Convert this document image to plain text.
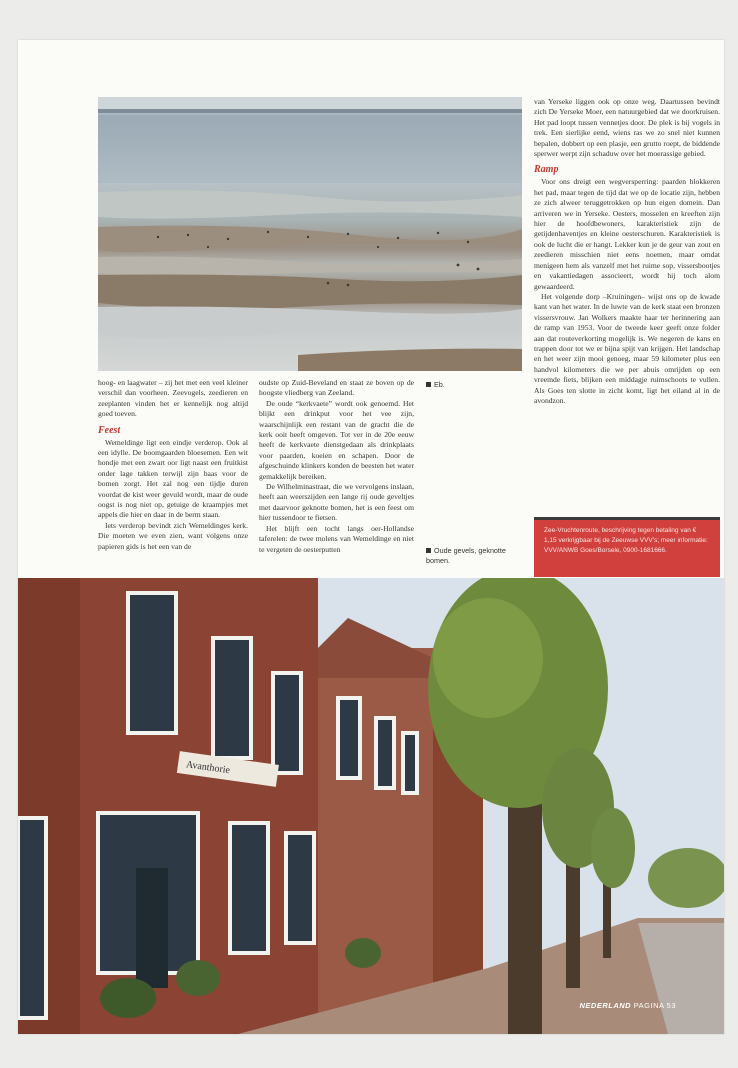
van Yerseke liggen ook op onze weg. Daartussen bevindt zich De Yerseke Moer, een natuurgebied dat we doorkruisen. Het pad loopt tussen vennetjes door. De plek is bij vogels in trek. Een sierlijke eend, wiens ras we zo snel niet kunnen bepalen, dobbert op een plasje, een grutto roept, de biddende sperwer werpt zijn schaduw over het moerassige gebied.

Ramp

Voor ons dreigt een wegversperring: paarden blokkeren het pad, maar tegen de tijd dat we op de locatie zijn, hebben ze zich alweer teruggetrokken op hun eigen domein. Dan arriveren we in Yerseke. Oesters, mosselen en kreeften zijn hier de hoofdbewoners, karakteristiek zijn de getijdenhaventjes en kleine oesterschuren. Karakteristiek is ook de lucht die er hangt. Lekker kun je de geur van zout en zeedieren misschien niet eens noemen, maar omdat menigeen hem als vanzelf met het ruime sop, vissersbootjes en vakantiedagen associeert, wordt hij toch alom gewaardeerd.

Het volgende dorp –Kruiningen– wijst ons op de kwade kant van het water. In de luwte van de kerk staat een bronzen vissersvrouw. Jan Wolkers maakte haar ter herinnering aan de ramp van 1953. Voor de tweede keer geeft onze folder aan dat routeverkorting mogelijk is. We negeren de kans en trappen door tot we er bijna spijt van krijgen. Het landschap en het weer zijn mooi genoeg, maar 59 kilometer plus een handvol kilometers die we per abuis omrijden op een vreemde fiets, blijken een middagje ruimschoots te vullen. Als Goes ten slotte in zicht komt, ligt het eiland al in de avondzon.

hoog- en laagwater – zij het met een veel kleiner verschil dan voorheen. Zeevogels, zeedieren en zeeplanten vinden het er kennelijk nog altijd goed toeven.

Feest

Wemeldinge ligt een eindje verderop. Ook al een idylle. De boomgaarden bloesemen. Een wit hondje met een zwart oor ligt naast een fruitkist onder lage takken terwijl zijn baas voor de bomen zorgt. Het zal nog een tijdje duren voordat de kist weer gevuld wordt, maar de oude oogst is nog niet op, getuige de kraampjes met appels die hier en daar in de berm staan.

Iets verderop bevindt zich Wemeldinges kerk. Die moeten we even zien, want volgens onze papieren gids is het een van de

oudste op Zuid-Beveland en staat ze boven op de hoogste vliedberg van Zeeland.

De oude “kerkvaete” wordt ook genoemd. Het blijkt een drinkput voor het vee zijn, waarschijnlijk een restant van de gracht die de kerk ooit heeft omgeven. Tot ver in de 20e eeuw heeft de kerkvaete dienstgedaan als drinkplaats voor paarden, koeien en schapen. Door de afgeschuinde klinkers konden de beesten het water gemakkelijk bereiken.

De Wilhelminastraat, die we vervolgens inslaan, heeft aan weerszijden een lange rij oude geveltjes met daarvoor geknotte bomen, het is een feest om hier tussendoor te fietsen.

Het blijft een tocht langs oer-Hollandse taferelen: de twee molens van Wemeldinge en niet te vergeten de oesterputten

Eb.
Oude gevels, geknotte bomen.
Zee-Vruchtenroute, beschrijving tegen betaling van € 1,15 verkrijgbaar bij de Zeeuwse VVV's; meer informatie: VVV/ANWB Goes/Borsele, 0900-1681666.
Avanthorie
NEDERLAND PAGINA 53
